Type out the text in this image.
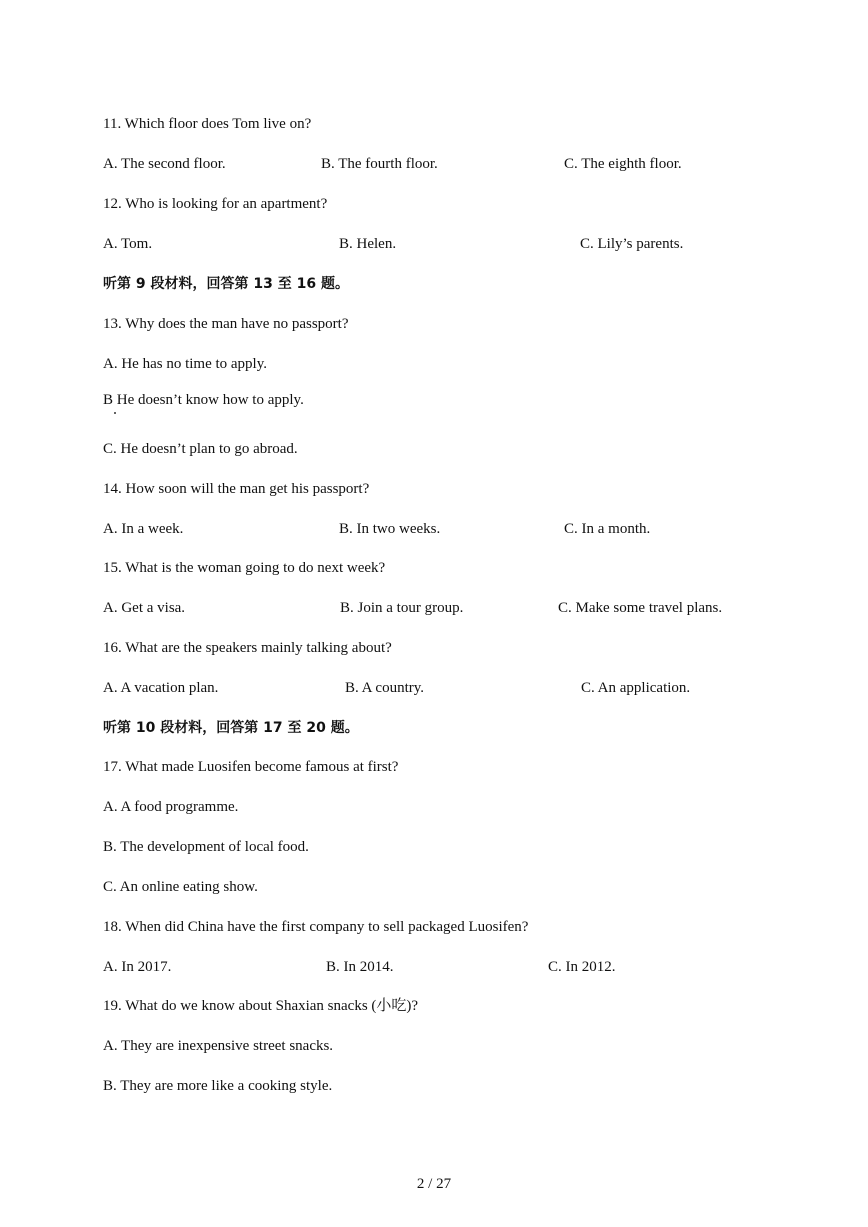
11. Which floor does Tom live on?
A. The second floor.	B. The fourth floor.	C. The eighth floor.
12. Who is looking for an apartment?
A. Tom.	B. Helen.	C. Lily’s parents.
听第 9 段材料，回答第 13 至 16 题。
13. Why does the man have no passport?
A. He has no time to apply.
B He doesn’t know how to apply.
C. He doesn’t plan to go abroad.
14. How soon will the man get his passport?
A. In a week.	B. In two weeks.	C. In a month.
15. What is the woman going to do next week?
A. Get a visa.	B. Join a tour group.	C. Make some travel plans.
16. What are the speakers mainly talking about?
A. A vacation plan.	B. A country.	C. An application.
听第 10 段材料，回答第 17 至 20 题。
17. What made Luosifen become famous at first?
A. A food programme.
B. The development of local food.
C. An online eating show.
18. When did China have the first company to sell packaged Luosifen?
A. In 2017.	B. In 2014.	C. In 2012.
19. What do we know about Shaxian snacks (小吃)?
A. They are inexpensive street snacks.
B. They are more like a cooking style.
2 / 27
